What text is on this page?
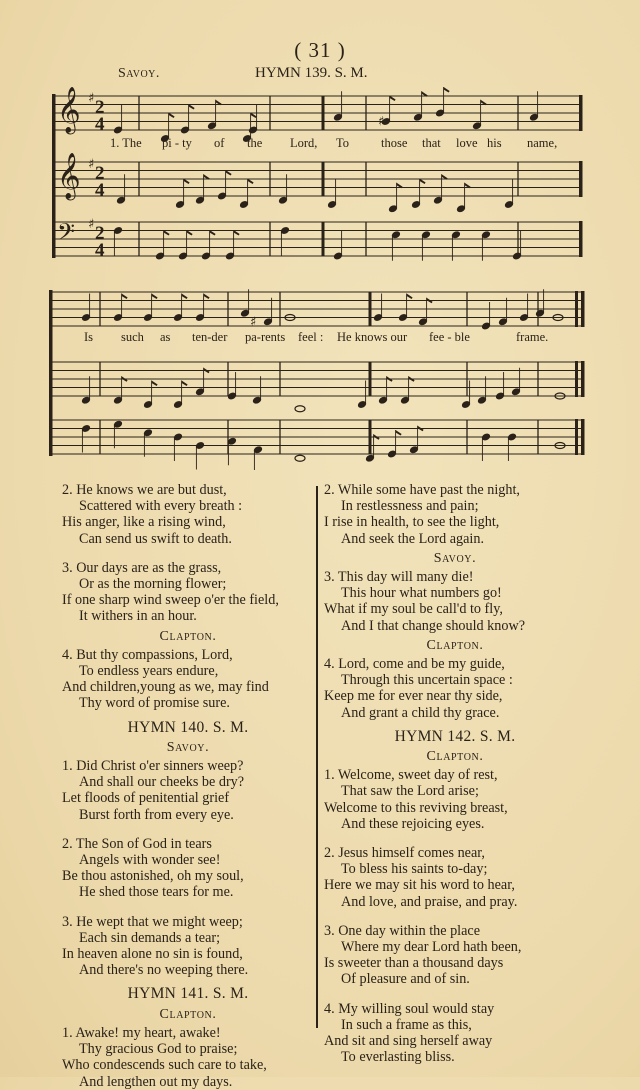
( 31 )
Savoy.	HYMN 139. S. M.
𝄞 ♯ 2
4
𝄞 ♯ 2
4
𝄢 ♯ 2
4
♯
♯
1. The pi - ty of the Lord, To	those that love his name,
Is such as ten-der pa-rents feel : He knows our fee - ble	frame.
2. He knows we are but dust,
Scattered with every breath :
His anger, like a rising wind,
Can send us swift to death.
3. Our days are as the grass,
Or as the morning flower;
If one sharp wind sweep o'er the field,
It withers in an hour.
Clapton.
4. But thy compassions, Lord,
To endless years endure,
And children,young as we, may find
Thy word of promise sure.
HYMN 140. S. M.
Savoy.
1. Did Christ o'er sinners weep?
And shall our cheeks be dry?
Let floods of penitential grief
Burst forth from every eye.
2. The Son of God in tears
Angels with wonder see!
Be thou astonished, oh my soul,
He shed those tears for me.
3. He wept that we might weep;
Each sin demands a tear;
In heaven alone no sin is found,
And there's no weeping there.
HYMN 141. S. M.
Clapton.
1. Awake! my heart, awake!
Thy gracious God to praise;
Who condescends such care to take,
And lengthen out my days.
2. While some have past the night,
In restlessness and pain;
I rise in health, to see the light,
And seek the Lord again.
Savoy.
3. This day will many die!
This hour what numbers go!
What if my soul be call'd to fly,
And I that change should know?
Clapton.
4. Lord, come and be my guide,
Through this uncertain space :
Keep me for ever near thy side,
And grant a child thy grace.
HYMN 142. S. M.
Clapton.
1. Welcome, sweet day of rest,
That saw the Lord arise;
Welcome to this reviving breast,
And these rejoicing eyes.
2. Jesus himself comes near,
To bless his saints to-day;
Here we may sit his word to hear,
And love, and praise, and pray.
3. One day within the place
Where my dear Lord hath been,
Is sweeter than a thousand days
Of pleasure and of sin.
4. My willing soul would stay
In such a frame as this,
And sit and sing herself away
To everlasting bliss.
